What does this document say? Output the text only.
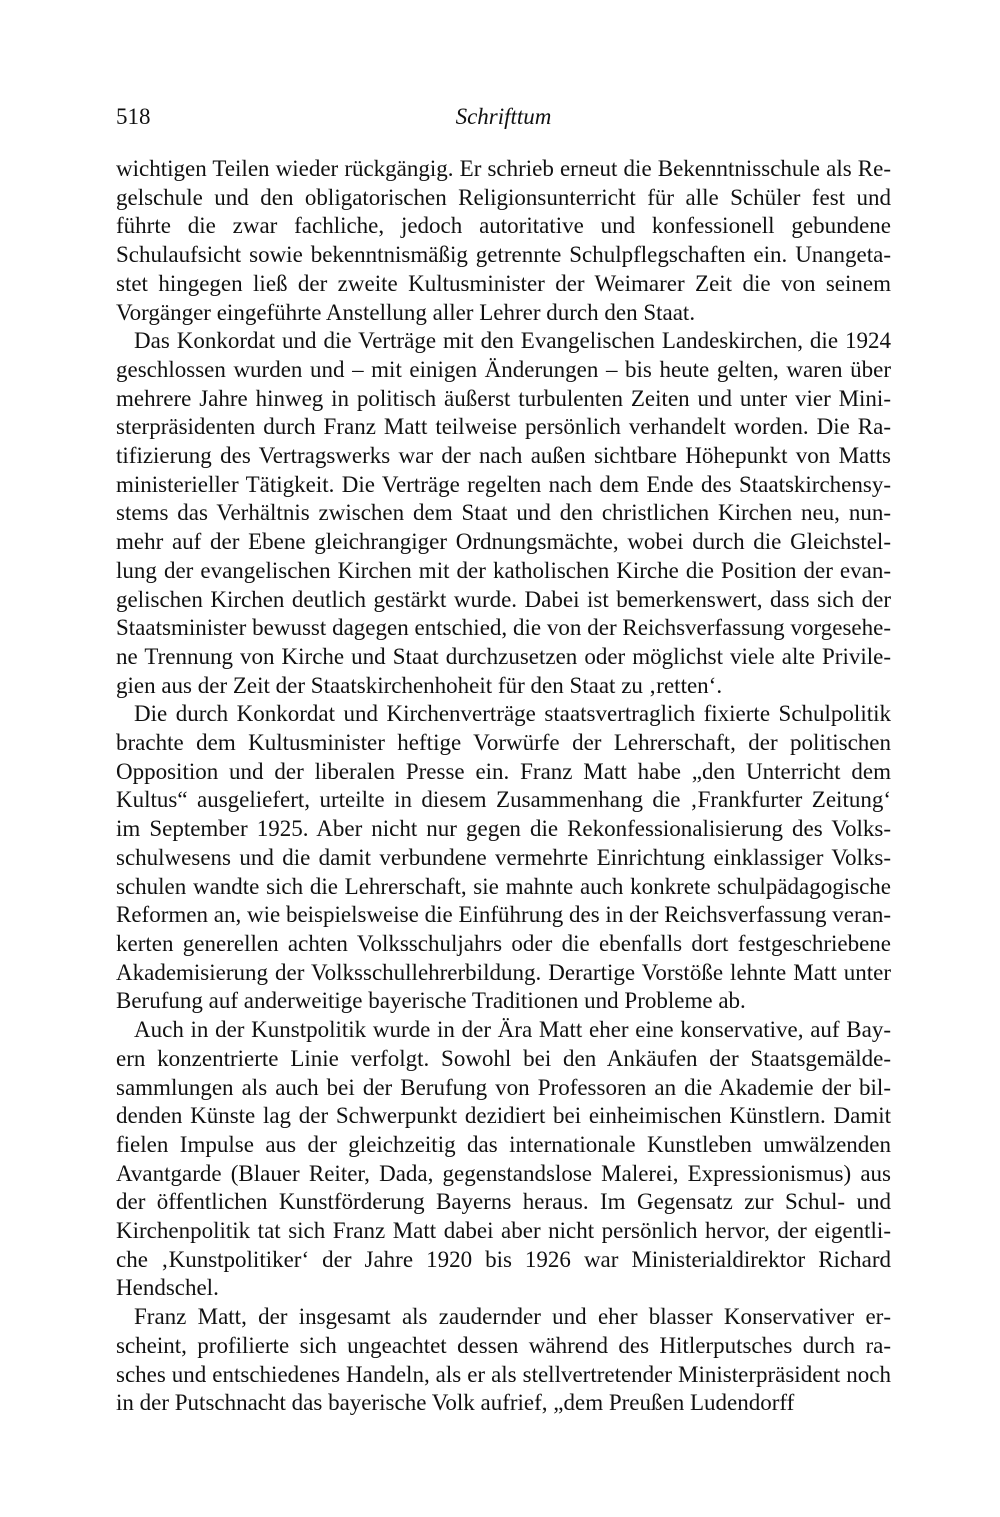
518	Schrifttum

wichtigen Teilen wieder rückgängig. Er schrieb erneut die Bekenntnisschule als Regelschule und den obligatorischen Religionsunterricht für alle Schüler fest und führte die zwar fachliche, jedoch autoritative und konfessionell gebundene Schulaufsicht sowie bekenntnismäßig getrennte Schulpflegschaften ein. Unangetastet hingegen ließ der zweite Kultusminister der Weimarer Zeit die von seinem Vorgänger eingeführte Anstellung aller Lehrer durch den Staat.

Das Konkordat und die Verträge mit den Evangelischen Landeskirchen, die 1924 geschlossen wurden und – mit einigen Änderungen – bis heute gelten, waren über mehrere Jahre hinweg in politisch äußerst turbulenten Zeiten und unter vier Ministerpräsidenten durch Franz Matt teilweise persönlich verhandelt worden. Die Ratifizierung des Vertragswerks war der nach außen sichtbare Höhepunkt von Matts ministerieller Tätigkeit. Die Verträge regelten nach dem Ende des Staatskirchensystems das Verhältnis zwischen dem Staat und den christlichen Kirchen neu, nunmehr auf der Ebene gleichrangiger Ordnungsmächte, wobei durch die Gleichstellung der evangelischen Kirchen mit der katholischen Kirche die Position der evangelischen Kirchen deutlich gestärkt wurde. Dabei ist bemerkenswert, dass sich der Staatsminister bewusst dagegen entschied, die von der Reichsverfassung vorgesehene Trennung von Kirche und Staat durchzusetzen oder möglichst viele alte Privilegien aus der Zeit der Staatskirchenhoheit für den Staat zu ‚retten‘.

Die durch Konkordat und Kirchenverträge staatsvertraglich fixierte Schulpolitik brachte dem Kultusminister heftige Vorwürfe der Lehrerschaft, der politischen Opposition und der liberalen Presse ein. Franz Matt habe „den Unterricht dem Kultus“ ausgeliefert, urteilte in diesem Zusammenhang die ‚Frankfurter Zeitung‘ im September 1925. Aber nicht nur gegen die Rekonfessionalisierung des Volksschulwesens und die damit verbundene vermehrte Einrichtung einklassiger Volksschulen wandte sich die Lehrerschaft, sie mahnte auch konkrete schulpädagogische Reformen an, wie beispielsweise die Einführung des in der Reichsverfassung verankerten generellen achten Volksschuljahrs oder die ebenfalls dort festgeschriebene Akademisierung der Volksschullehrerbildung. Derartige Vorstöße lehnte Matt unter Berufung auf anderweitige bayerische Traditionen und Probleme ab.

Auch in der Kunstpolitik wurde in der Ära Matt eher eine konservative, auf Bayern konzentrierte Linie verfolgt. Sowohl bei den Ankäufen der Staatsgemäldesammlungen als auch bei der Berufung von Professoren an die Akademie der bildenden Künste lag der Schwerpunkt dezidiert bei einheimischen Künstlern. Damit fielen Impulse aus der gleichzeitig das internationale Kunstleben umwälzenden Avantgarde (Blauer Reiter, Dada, gegenstandslose Malerei, Expressionismus) aus der öffentlichen Kunstförderung Bayerns heraus. Im Gegensatz zur Schul- und Kirchenpolitik tat sich Franz Matt dabei aber nicht persönlich hervor, der eigentliche ‚Kunstpolitiker‘ der Jahre 1920 bis 1926 war Ministerialdirektor Richard Hendschel.

Franz Matt, der insgesamt als zaudernder und eher blasser Konservativer erscheint, profilierte sich ungeachtet dessen während des Hitlerputsches durch rasches und entschiedenes Handeln, als er als stellvertretender Ministerpräsident noch in der Putschnacht das bayerische Volk aufrief, „dem Preußen Ludendorff
